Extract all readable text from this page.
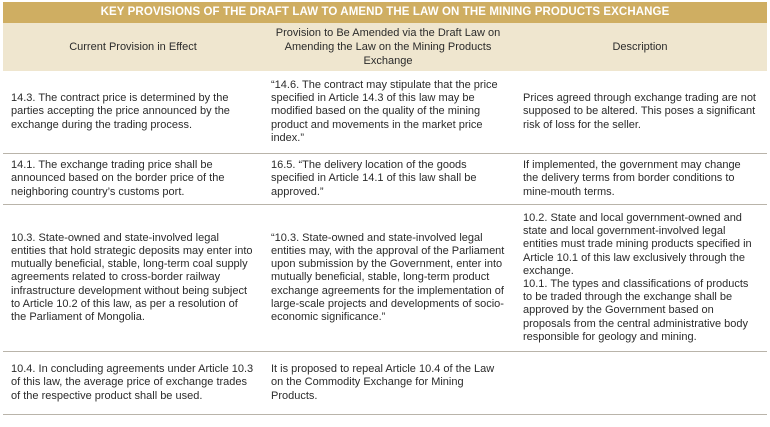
KEY PROVISIONS OF THE DRAFT LAW TO AMEND THE LAW ON THE MINING PRODUCTS EXCHANGE
Current Provision in Effect
Provision to Be Amended via the Draft Law on Amending the Law on the Mining Products Exchange
Description
14.3. The contract price is determined by the parties accepting the price announced by the exchange during the trading process.
“14.6. The contract may stipulate that the price specified in Article 14.3 of this law may be modified based on the quality of the mining product and movements in the market price index.”
Prices agreed through exchange trading are not supposed to be altered. This poses a significant risk of loss for the seller.
14.1. The exchange trading price shall be announced based on the border price of the neighboring country’s customs port.
16.5. “The delivery location of the goods specified in Article 14.1 of this law shall be approved.”
If implemented, the government may change the delivery terms from border conditions to mine-mouth terms.
10.3. State-owned and state-involved legal entities that hold strategic deposits may enter into mutually beneficial, stable, long-term coal supply agreements related to cross-border railway infrastructure development without being subject to Article 10.2 of this law, as per a resolution of the Parliament of Mongolia.
“10.3. State-owned and state-involved legal entities may, with the approval of the Parliament upon submission by the Government, enter into mutually beneficial, stable, long-term product exchange agreements for the implementation of large-scale projects and developments of socio-economic significance.”
10.2. State and local government-owned and state and local government-involved legal entities must trade mining products specified in Article 10.1 of this law exclusively through the exchange.
10.1. The types and classifications of products to be traded through the exchange shall be approved by the Government based on proposals from the central administrative body responsible for geology and mining.
10.4. In concluding agreements under Article 10.3 of this law, the average price of exchange trades of the respective product shall be used.
It is proposed to repeal Article 10.4 of the Law on the Commodity Exchange for Mining Products.
